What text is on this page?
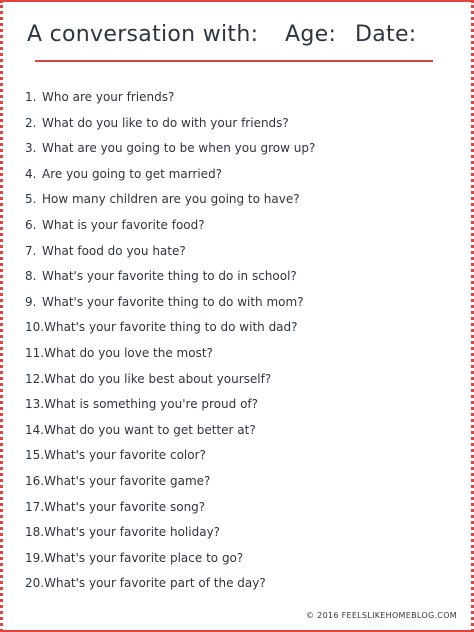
A conversation with: Age: Date:
1. Who are your friends?
2. What do you like to do with your friends?
3. What are you going to be when you grow up?
4. Are you going to get married?
5. How many children are you going to have?
6. What is your favorite food?
7. What food do you hate?
8. What's your favorite thing to do in school?
9. What's your favorite thing to do with mom?
10. What's your favorite thing to do with dad?
11. What do you love the most?
12. What do you like best about yourself?
13. What is something you're proud of?
14. What do you want to get better at?
15. What's your favorite color?
16. What's your favorite game?
17. What's your favorite song?
18. What's your favorite holiday?
19. What's your favorite place to go?
20. What's your favorite part of the day?
© 2016 FEELSLIKEHOMEBLOG.COM
